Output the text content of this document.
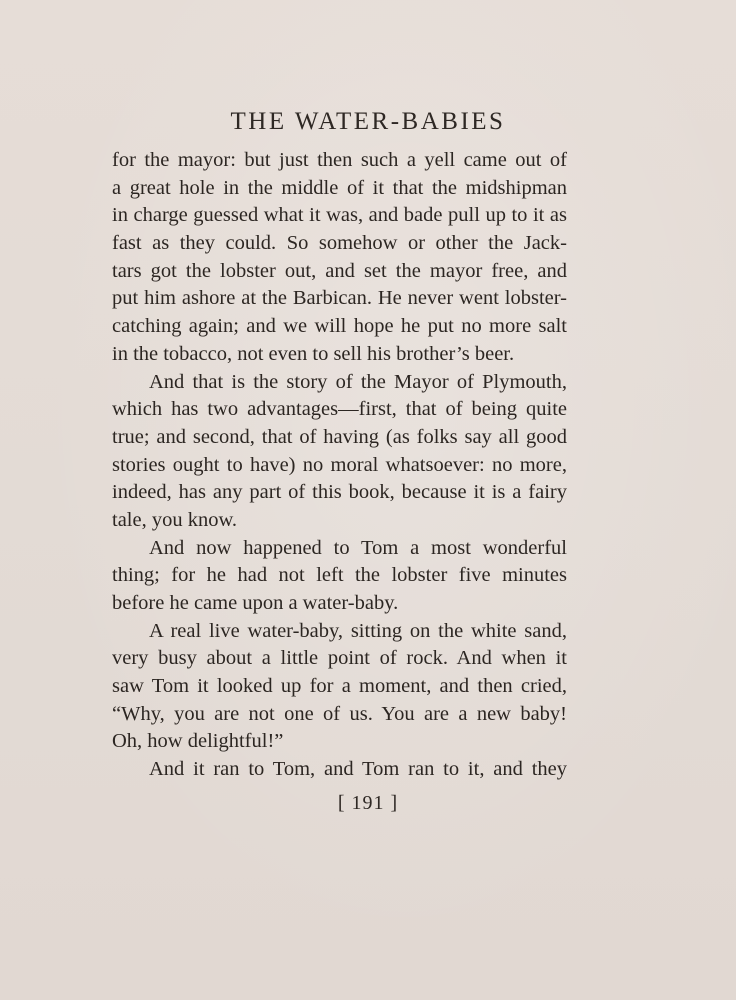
THE WATER-BABIES
for the mayor: but just then such a yell came out of
a great hole in the middle of it that the midshipman
in charge guessed what it was, and bade pull up to it as
fast as they could. So somehow or other the Jack-
tars got the lobster out, and set the mayor free, and
put him ashore at the Barbican. He never went lobster-
catching again; and we will hope he put no more salt
in the tobacco, not even to sell his brother’s beer.
And that is the story of the Mayor of Plymouth,
which has two advantages—first, that of being quite
true; and second, that of having (as folks say all good
stories ought to have) no moral whatsoever: no more,
indeed, has any part of this book, because it is a fairy
tale, you know.
And now happened to Tom a most wonderful
thing; for he had not left the lobster five minutes
before he came upon a water-baby.
A real live water-baby, sitting on the white sand,
very busy about a little point of rock. And when it
saw Tom it looked up for a moment, and then cried,
“Why, you are not one of us. You are a new baby!
Oh, how delightful!”
And it ran to Tom, and Tom ran to it, and they
[ 191 ]
